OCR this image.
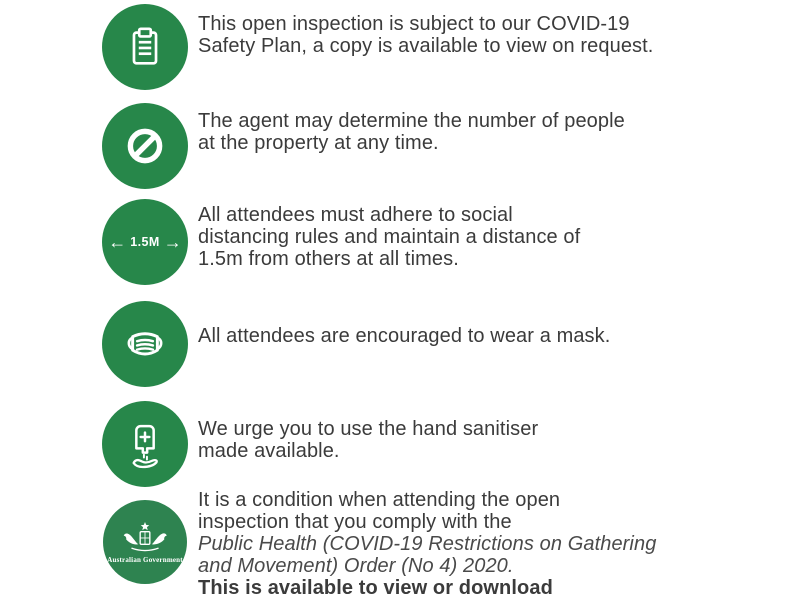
This open inspection is subject to our COVID-19
Safety Plan, a copy is available to view on request.
The agent may determine the number of people
at the property at any time.
← 1.5M →
All attendees must adhere to social
distancing rules and maintain a distance of
1.5m from others at all times.
All attendees are encouraged to wear a mask.
We urge you to use the hand sanitiser
made available.
Australian Government
It is a condition when attending the open
inspection that you comply with the
Public Health (COVID-19 Restrictions on Gathering
and Movement) Order (No 4) 2020.
This is available to view or download
